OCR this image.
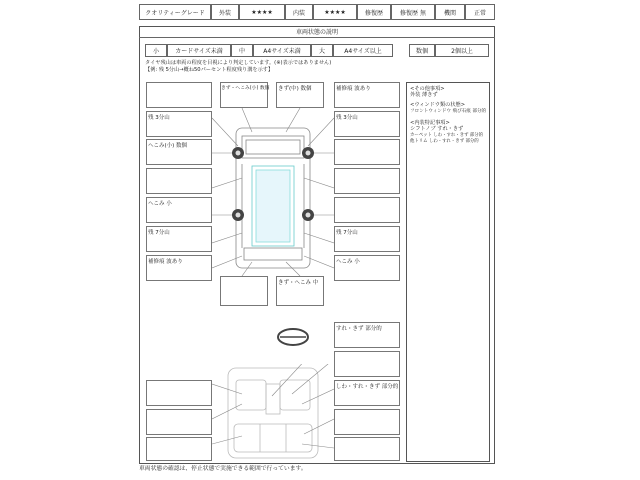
クオリティーグレード	外装	★★★★	内装	★★★★	修復歴	修復歴 無	機関	正常
車両状態の説明
小	カードサイズ未満	中	A4サイズ未満	大	A4サイズ以上	数個	2個以上
タイヤ残山は車両の程度を目視により判定しています。(※)表示ではありません)
【例: 残 5分山→概ね50パーセント程度残り溝を示す】
残 3分山
へこみ(小) 数個
へこみ 小
残 7分山
補修痕 波あり
補修痕 波あり
残 3分山
残 7分山
へこみ 小
きず・へこみ(小) 数個 きず(中) 数個
きず・へこみ 中
すれ・きず 部分的
しわ・すれ・きず 部分的
<その他事項>
外装 薄きず
<ウィンドウ類の状態>
フロントウィンドウ 飛び石痕 部分的
<内装特記事項>
シフトノブ すれ・きず
カーペット しわ・すれ・きず 部分的
他トリム しわ・すれ・きず 部分的
車両状態の確認は、停止状態で実施できる範囲で行っています。
